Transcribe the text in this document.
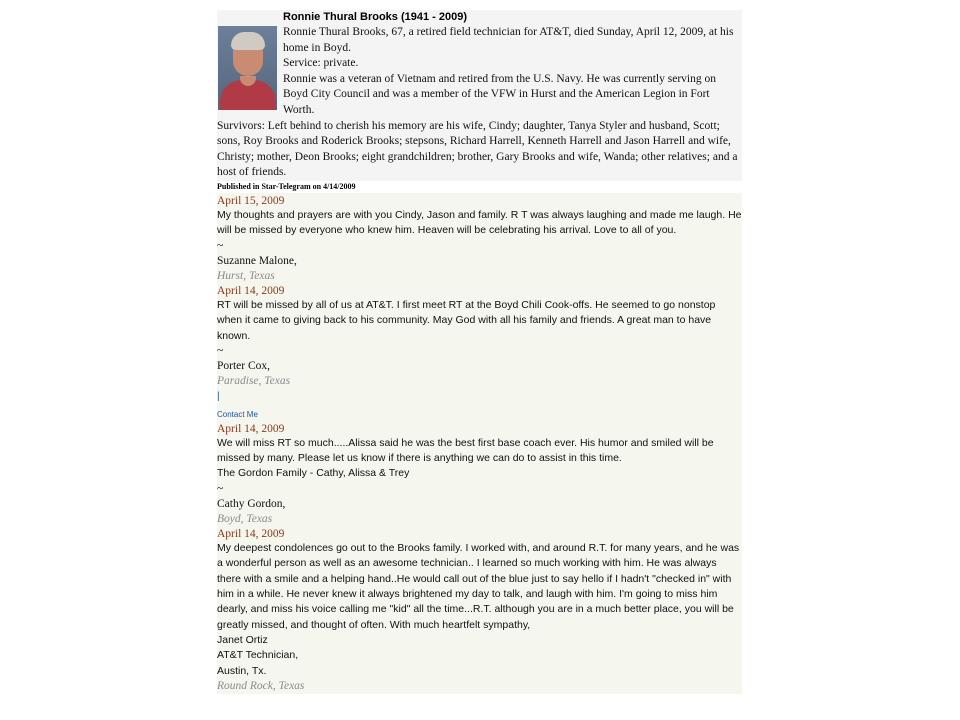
Ronnie Thural Brooks (1941 - 2009)
Ronnie Thural Brooks, 67, a retired field technician for AT&T, died Sunday, April 12, 2009, at his home in Boyd.
Service: private.
Ronnie was a veteran of Vietnam and retired from the U.S. Navy. He was currently serving on Boyd City Council and was a member of the VFW in Hurst and the American Legion in Fort Worth.
Survivors: Left behind to cherish his memory are his wife, Cindy; daughter, Tanya Styler and husband, Scott; sons, Roy Brooks and Roderick Brooks; stepsons, Richard Harrell, Kenneth Harrell and Jason Harrell and wife, Christy; mother, Deon Brooks; eight grandchildren; brother, Gary Brooks and wife, Wanda; other relatives; and a host of friends.
Published in Star-Telegram on 4/14/2009
April 15, 2009
My thoughts and prayers are with you Cindy, Jason and family. R T was always laughing and made me laugh. He will be missed by everyone who knew him. Heaven will be celebrating his arrival. Love to all of you.
~
Suzanne Malone,
Hurst, Texas
April 14, 2009
RT will be missed by all of us at AT&T. I first meet RT at the Boyd Chili Cook-offs. He seemed to go nonstop when it came to giving back to his community. May God with all his family and friends. A great man to have known.
~
Porter Cox,
Paradise, Texas
|
Contact Me
April 14, 2009
We will miss RT so much.....Alissa said he was the best first base coach ever. His humor and smiled will be missed by many. Please let us know if there is anything we can do to assist in this time.
The Gordon Family - Cathy, Alissa & Trey
~
Cathy Gordon,
Boyd, Texas
April 14, 2009
My deepest condolences go out to the Brooks family. I worked with, and around R.T. for many years, and he was a wonderful person as well as an awesome technician.. I learned so much working with him. He was always there with a smile and a helping hand..He would call out of the blue just to say hello if I hadn't "checked in" with him in a while. He never knew it always brightened my day to talk, and laugh with him. I'm going to miss him dearly, and miss his voice calling me "kid" all the time...R.T. although you are in a much better place, you will be greatly missed, and thought of often. With much heartfelt sympathy,
Janet Ortiz
AT&T Technician,
Austin, Tx.
Round Rock, Texas
